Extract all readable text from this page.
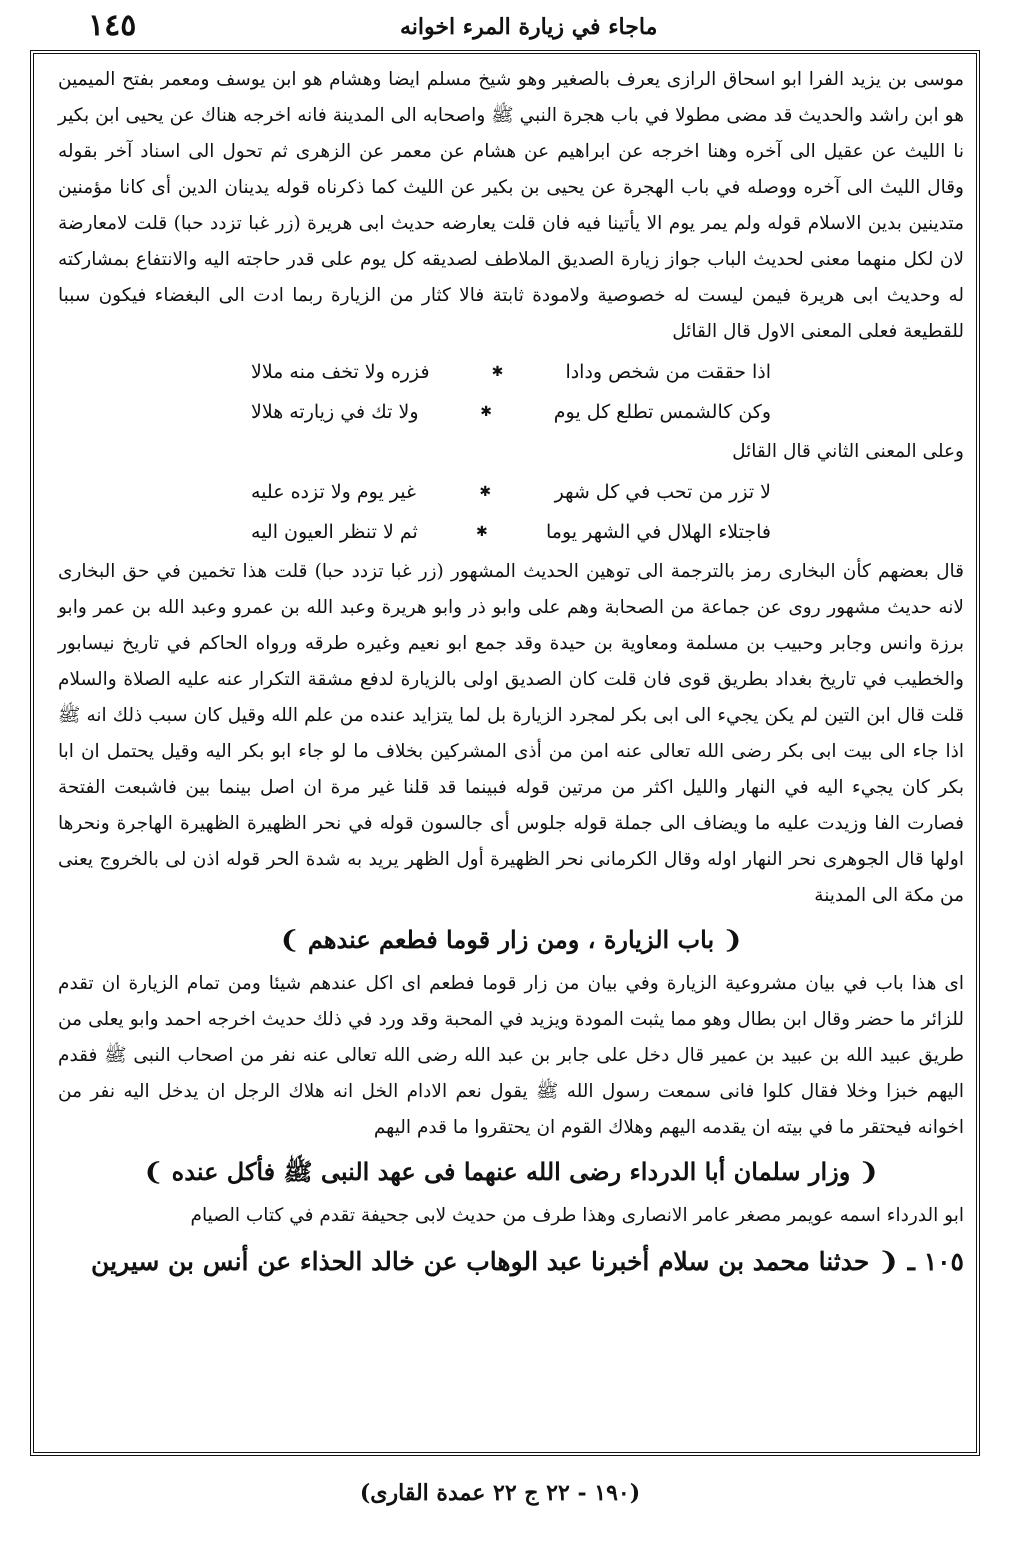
١٤٥	ماجاء في زيارة المرء اخوانه

موسى بن يزيد الفرا ابو اسحاق الرازى يعرف بالصغير وهو شيخ مسلم ايضا وهشام هو ابن يوسف ومعمر بفتح الميمين هو ابن راشد والحديث قد مضى مطولا في باب هجرة النبي ﷺ واصحابه الى المدينة فانه اخرجه هناك عن يحيى ابن بكير نا الليث عن عقيل الى آخره وهنا اخرجه عن ابراهيم عن هشام عن معمر عن الزهرى ثم تحول الى اسناد آخر بقوله وقال الليث الى آخره ووصله في باب الهجرة عن يحيى بن بكير عن الليث كما ذكرناه قوله يدينان الدين أى كانا مؤمنين متدينين بدين الاسلام قوله ولم يمر يوم الا يأتينا فيه فان قلت يعارضه حديث ابى هريرة (زر غبا تزدد حبا) قلت لامعارضة لان لكل منهما معنى لحديث الباب جواز زيارة الصديق الملاطف لصديقه كل يوم على قدر حاجته اليه والانتفاع بمشاركته له وحديث ابى هريرة فيمن ليست له خصوصية ولامودة ثابتة فالا كثار من الزيارة ربما ادت الى البغضاء فيكون سببا للقطيعة فعلى المعنى الاول قال القائل

اذا حققت من شخص ودادا
✱
فزره ولا تخف منه ملالا
وكن كالشمس تطلع كل يوم
✱
ولا تك في زيارته هلالا

وعلى المعنى الثاني قال القائل

لا تزر من تحب في كل شهر
✱
غير يوم ولا تزده عليه
فاجتلاء الهلال في الشهر يوما
✱
ثم لا تنظر العيون اليه

قال بعضهم كأن البخارى رمز بالترجمة الى توهين الحديث المشهور (زر غبا تزدد حبا) قلت هذا تخمين في حق البخارى لانه حديث مشهور روى عن جماعة من الصحابة وهم على وابو ذر وابو هريرة وعبد الله بن عمرو وعبد الله بن عمر وابو برزة وانس وجابر وحبيب بن مسلمة ومعاوية بن حيدة وقد جمع ابو نعيم وغيره طرقه ورواه الحاكم في تاريخ نيسابور والخطيب في تاريخ بغداد بطريق قوى فان قلت كان الصديق اولى بالزيارة لدفع مشقة التكرار عنه عليه الصلاة والسلام قلت قال ابن التين لم يكن يجيء الى ابى بكر لمجرد الزيارة بل لما يتزايد عنده من علم الله وقيل كان سبب ذلك انه ﷺ اذا جاء الى بيت ابى بكر رضى الله تعالى عنه امن من أذى المشركين بخلاف ما لو جاء ابو بكر اليه وقيل يحتمل ان ابا بكر كان يجيء اليه في النهار والليل اكثر من مرتين قوله فبينما قد قلنا غير مرة ان اصل بينما بين فاشبعت الفتحة فصارت الفا وزيدت عليه ما ويضاف الى جملة قوله جلوس أى جالسون قوله في نحر الظهيرة الظهيرة الهاجرة ونحرها اولها قال الجوهرى نحر النهار اوله وقال الكرمانى نحر الظهيرة أول الظهر يريد به شدة الحر قوله اذن لى بالخروج يعنى من مكة الى المدينة

❨ باب الزيارة ، ومن زار قوما فطعم عندهم ❩

اى هذا باب في بيان مشروعية الزيارة وفي بيان من زار قوما فطعم اى اكل عندهم شيئا ومن تمام الزيارة ان تقدم للزائر ما حضر وقال ابن بطال وهو مما يثبت المودة ويزيد في المحبة وقد ورد في ذلك حديث اخرجه احمد وابو يعلى من طريق عبيد الله بن عبيد بن عمير قال دخل على جابر بن عبد الله رضى الله تعالى عنه نفر من اصحاب النبى ﷺ فقدم اليهم خبزا وخلا فقال كلوا فانى سمعت رسول الله ﷺ يقول نعم الادام الخل انه هلاك الرجل ان يدخل اليه نفر من اخوانه فيحتقر ما في بيته ان يقدمه اليهم وهلاك القوم ان يحتقروا ما قدم اليهم

❨ وزار سلمان أبا الدرداء رضى الله عنهما فى عهد النبى ﷺ فأكل عنده ❩

ابو الدرداء اسمه عويمر مصغر عامر الانصارى وهذا طرف من حديث لابى جحيفة تقدم في كتاب الصيام

١٠٥ ـ ❨ حدثنا محمد بن سلام أخبرنا عبد الوهاب عن خالد الحذاء عن أنس بن سيرين
(١٩٠ - ٢٢ ج ٢٢ عمدة القارى)
